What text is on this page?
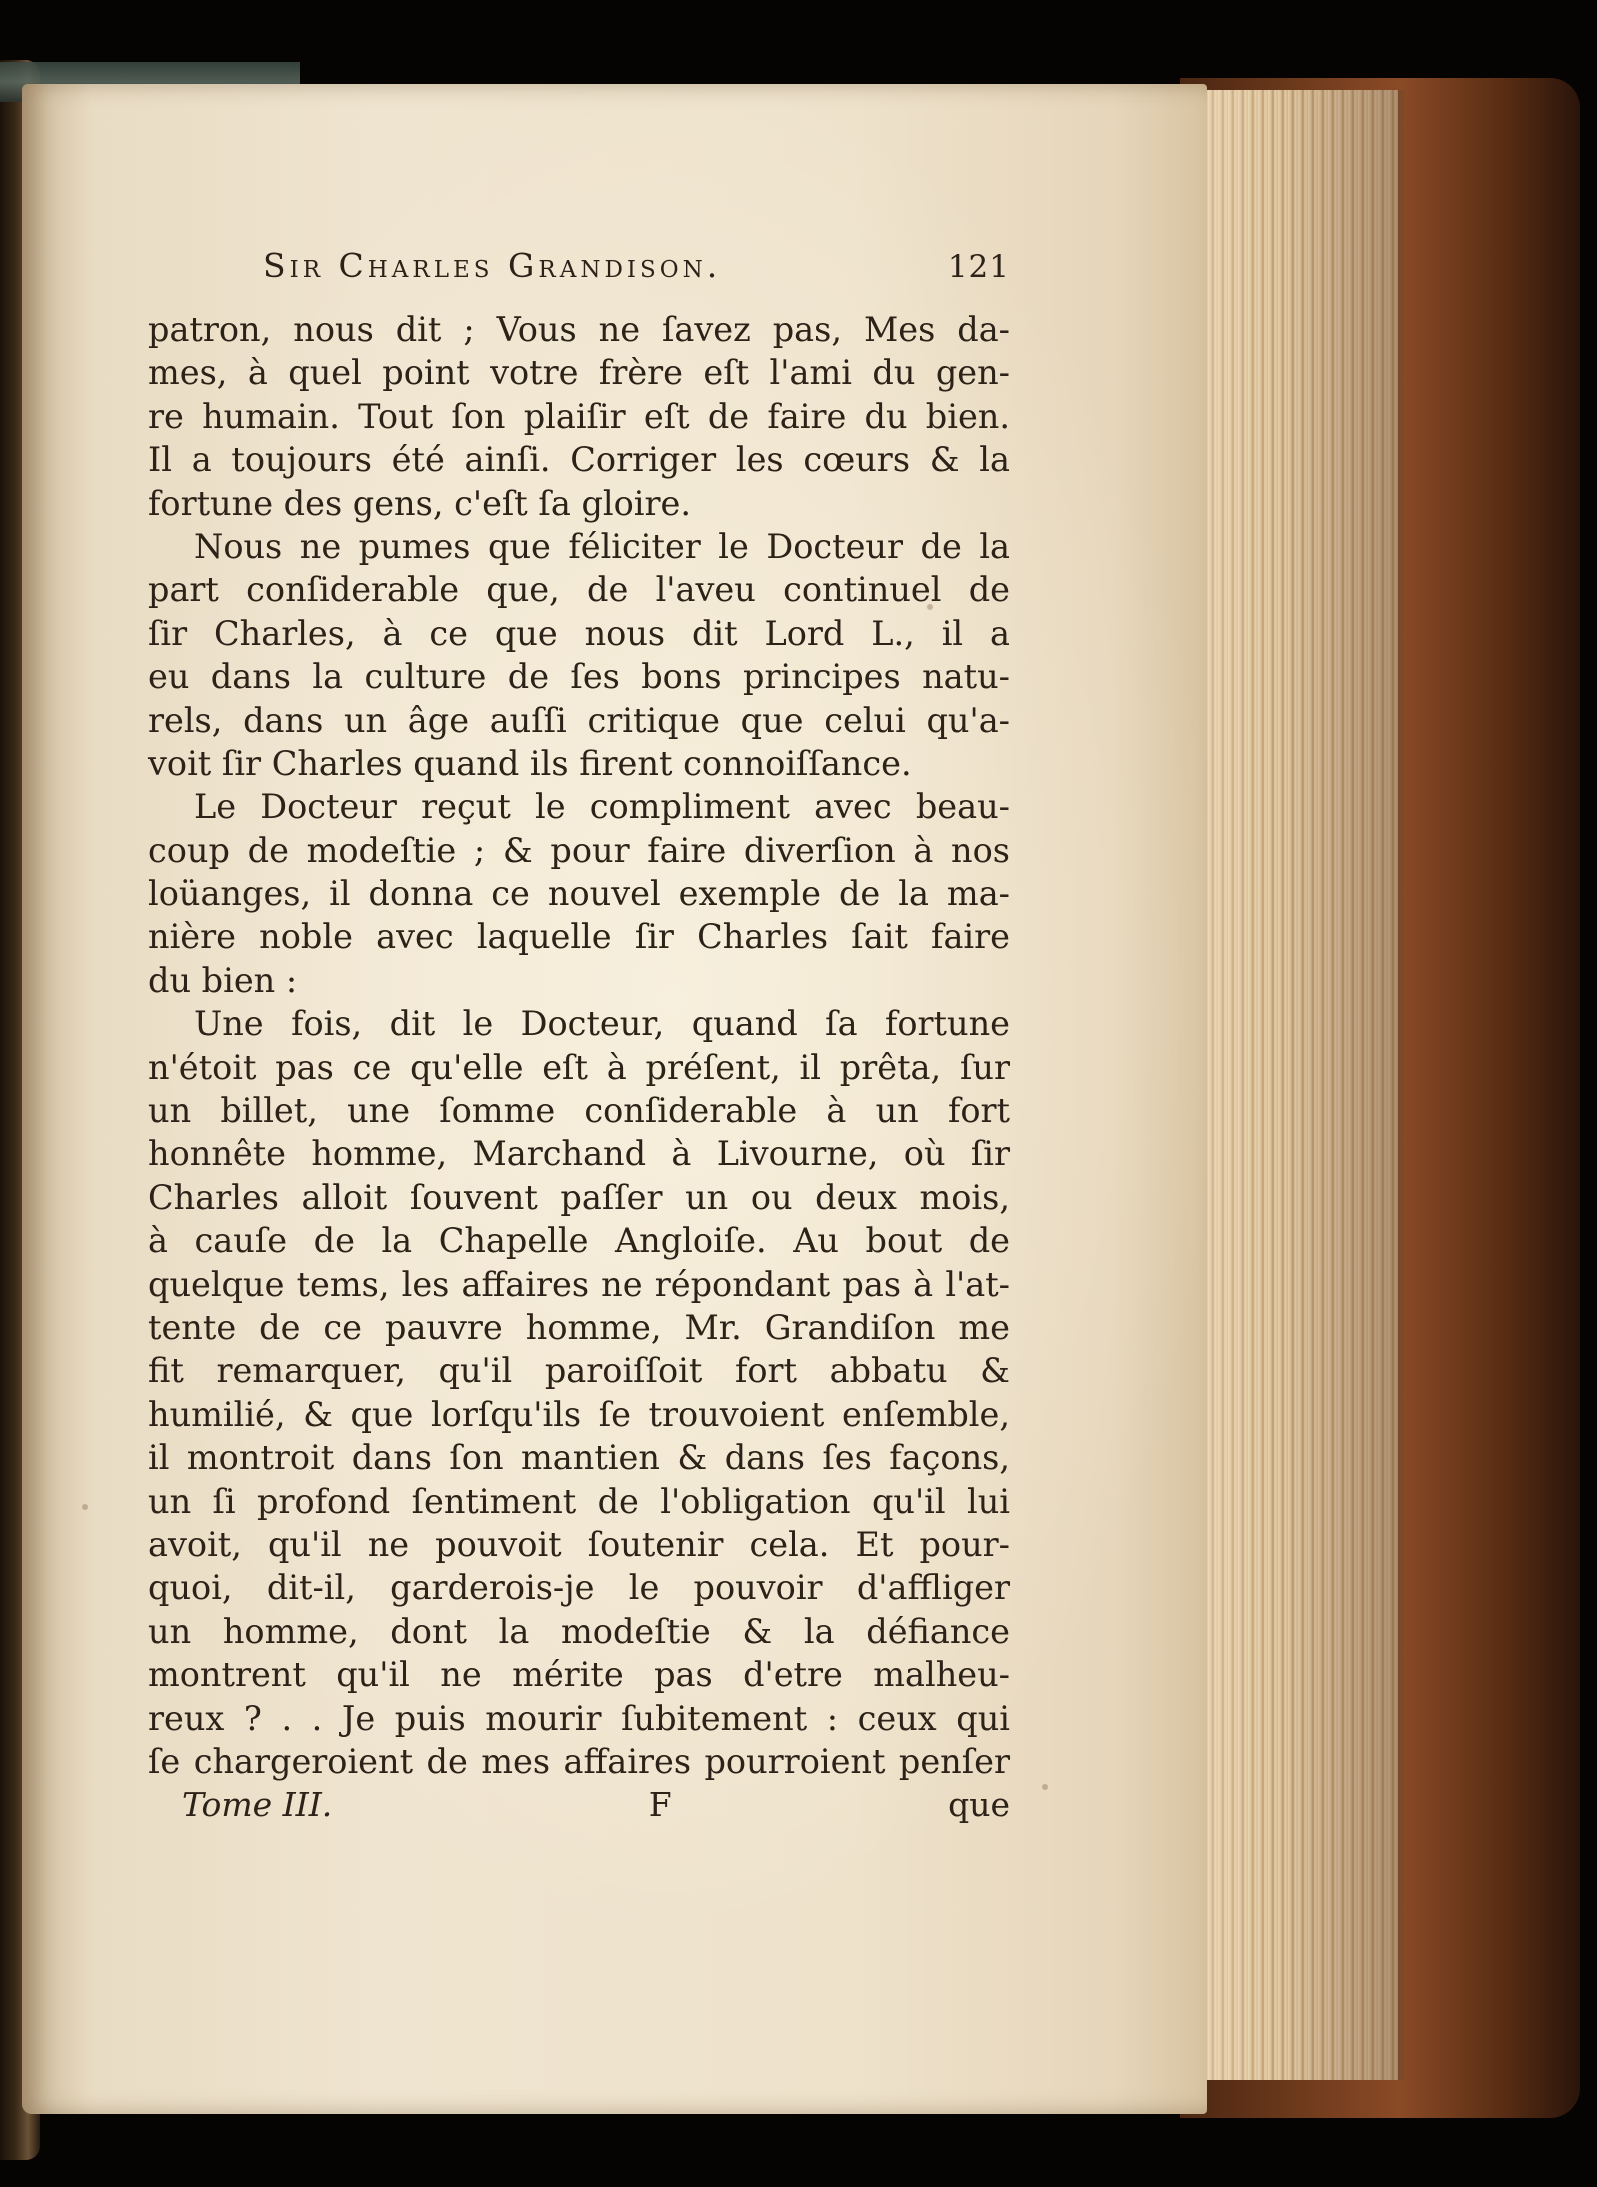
Sir Charles Grandison.	121
patron, nous dit ; Vous ne ſavez pas, Mes da-
mes, à quel point votre frère eſt l'ami du gen-
re humain. Tout ſon plaiſir eſt de faire du bien.
Il a toujours été ainſi. Corriger les cœurs & la
fortune des gens, c'eſt ſa gloire.
Nous ne pumes que féliciter le Docteur de la
part conſiderable que, de l'aveu continuel de
ſir Charles, à ce que nous dit Lord L., il a
eu dans la culture de ſes bons principes natu-
rels, dans un âge auſſi critique que celui qu'a-
voit ſir Charles quand ils firent connoiſſance.
Le Docteur reçut le compliment avec beau-
coup de modeſtie ; & pour faire diverſion à nos
loüanges, il donna ce nouvel exemple de la ma-
nière noble avec laquelle ſir Charles ſait faire
du bien :
Une fois, dit le Docteur, quand ſa fortune
n'étoit pas ce qu'elle eſt à préſent, il prêta, ſur
un billet, une ſomme conſiderable à un fort
honnête homme, Marchand à Livourne, où ſir
Charles alloit ſouvent paſſer un ou deux mois,
à cauſe de la Chapelle Angloiſe. Au bout de
quelque tems, les affaires ne répondant pas à l'at-
tente de ce pauvre homme, Mr. Grandiſon me
fit remarquer, qu'il paroiſſoit fort abbatu &
humilié, & que lorſqu'ils ſe trouvoient enſemble,
il montroit dans ſon mantien & dans ſes façons,
un ſi profond ſentiment de l'obligation qu'il lui
avoit, qu'il ne pouvoit ſoutenir cela. Et pour-
quoi, dit-il, garderois-je le pouvoir d'affliger
un homme, dont la modeſtie & la défiance
montrent qu'il ne mérite pas d'etre malheu-
reux ? . . Je puis mourir ſubitement : ceux qui
ſe chargeroient de mes affaires pourroient penſer
Tome III.	F	que
